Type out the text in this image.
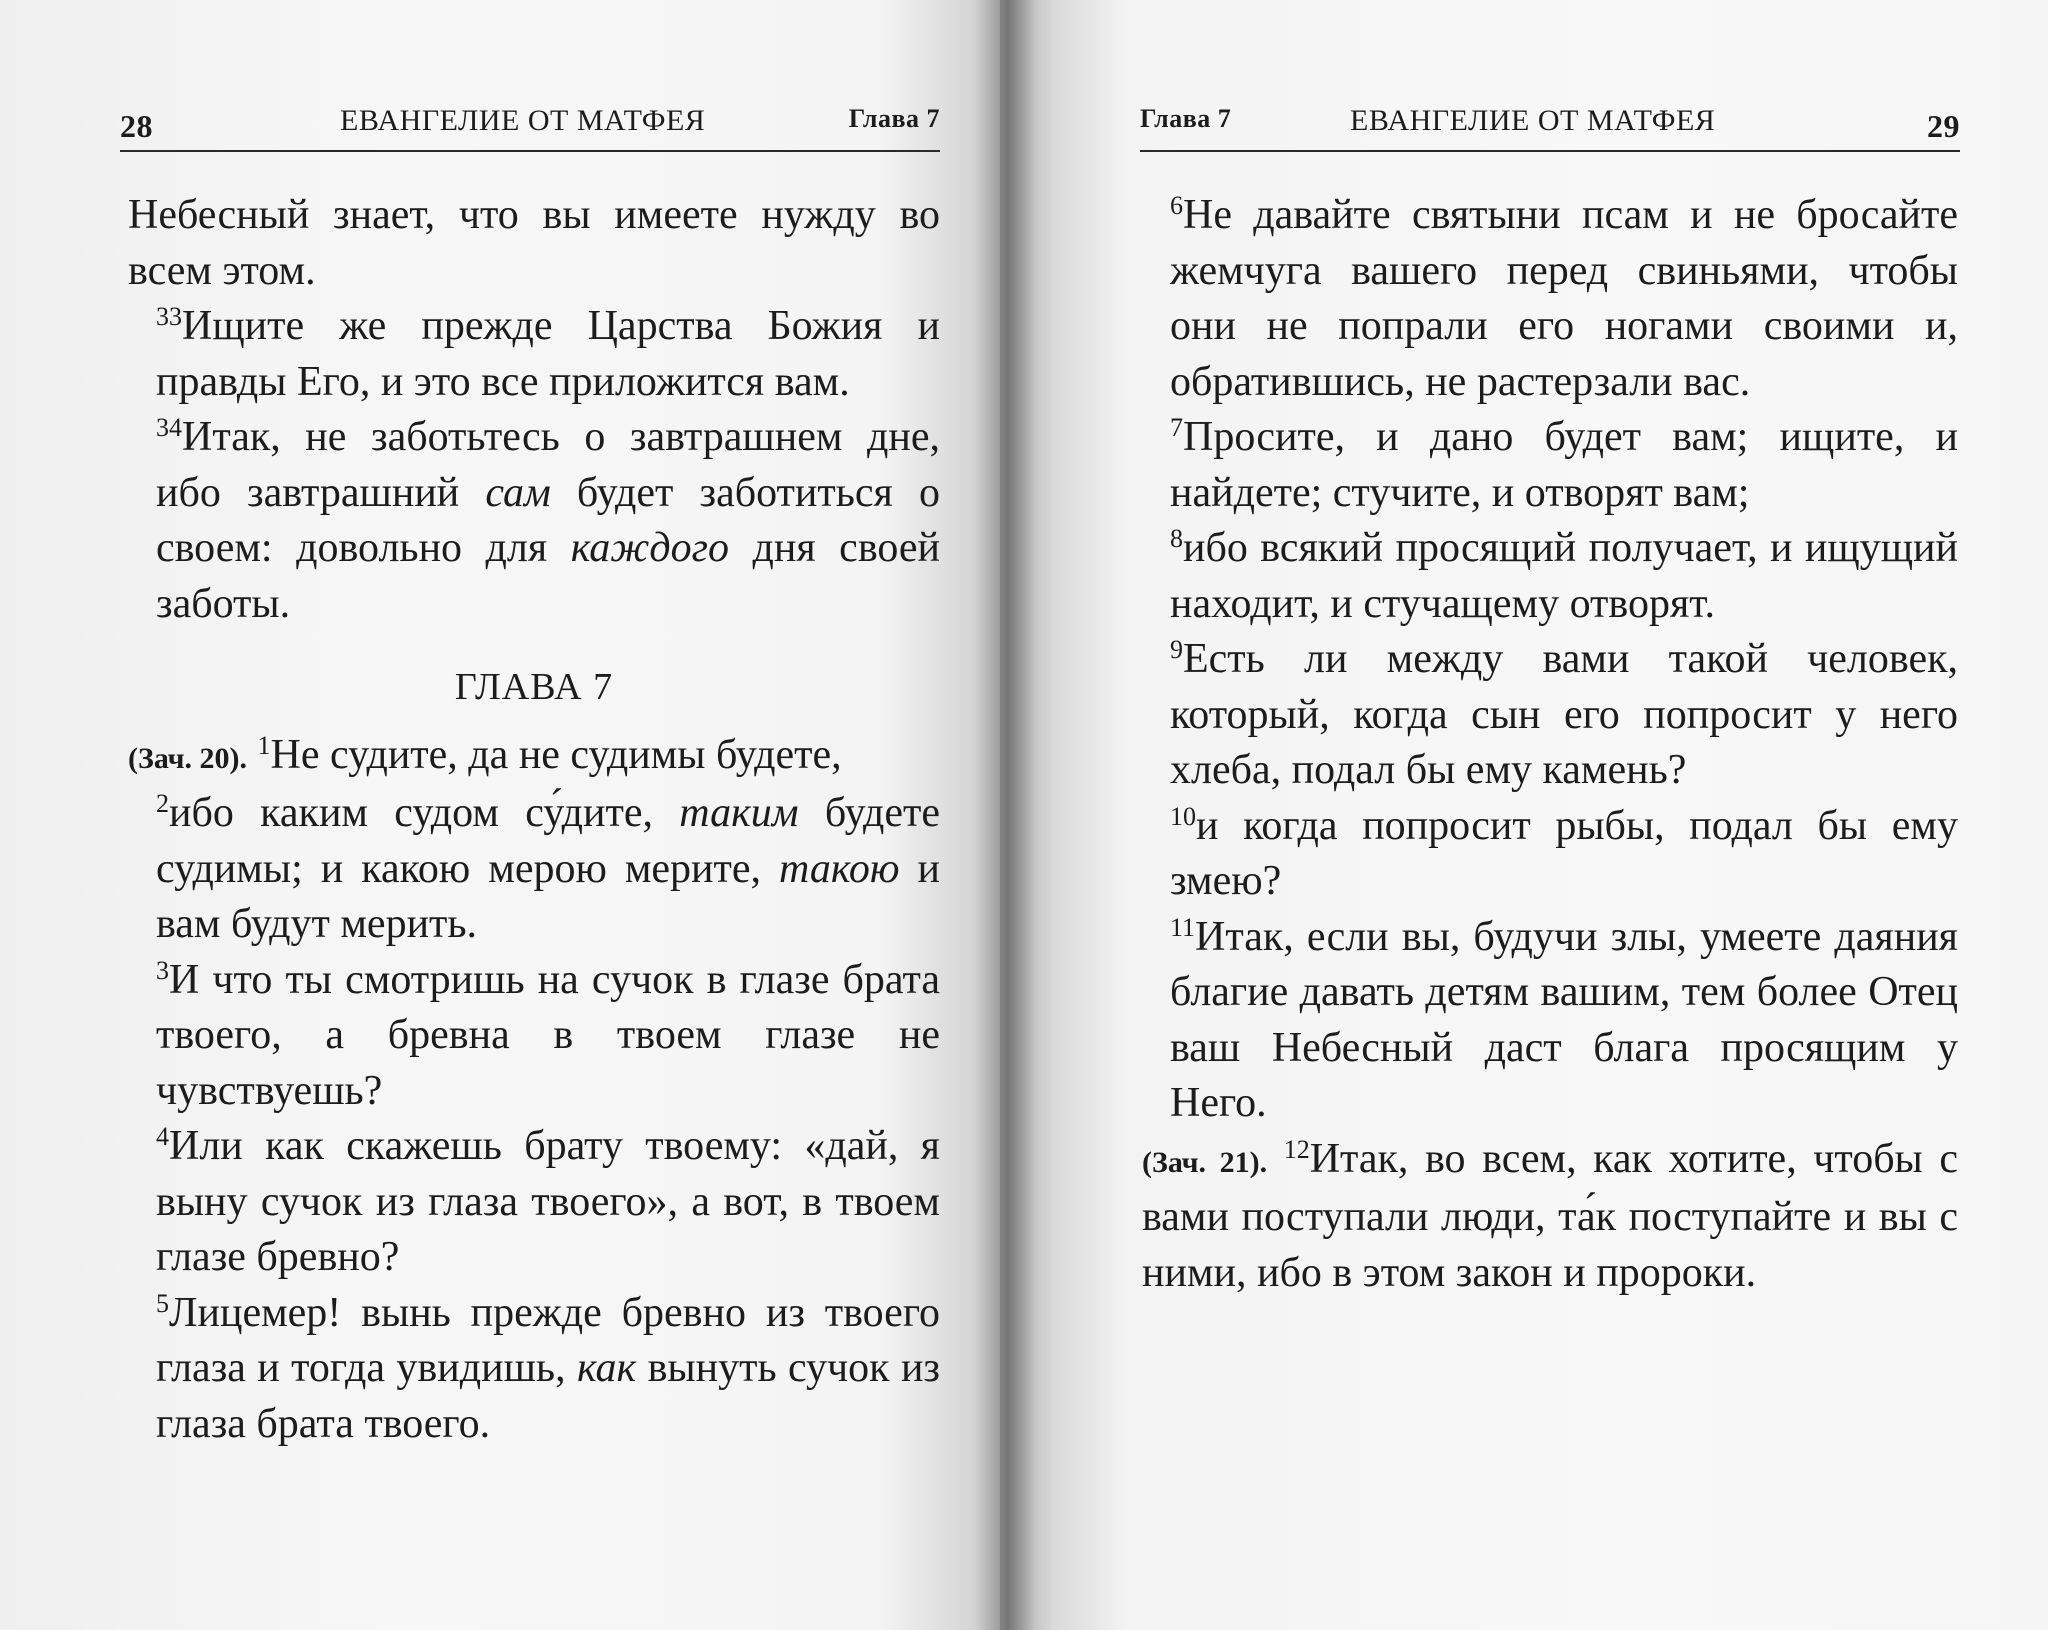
28	ЕВАНГЕЛИЕ ОТ МАТФЕЯ	Глава 7

Небесный знает, что вы имеете нужду во всем этом.

$^{33}$Ищите же прежде Царства Божия и правды Его, и это все приложится вам.

$^{34}$Итак, не заботьтесь о завтрашнем дне, ибо завтрашний сам будет заботиться о своем: довольно для каждого дня своей заботы.

ГЛАВА 7

(Зач. 20). $^1$Не судите, да не судимы будете,

$^2$ибо каким судом су́дите, таким будете судимы; и какою мерою мерите, такою и вам будут мерить.

$^3$И что ты смотришь на сучок в глазе брата твоего, а бревна в твоем глазе не чувствуешь?

$^4$Или как скажешь брату твоему: «дай, я выну сучок из глаза твоего», а вот, в твоем глазе бревно?

$^5$Лицемер! вынь прежде бревно из твоего глаза и тогда увидишь, как вынуть сучок из глаза брата твоего.

Глава 7	ЕВАНГЕЛИЕ ОТ МАТФЕЯ	29

$^6$Не давайте святыни псам и не бросайте жемчуга вашего перед свиньями, чтобы они не попрали его ногами своими и, обратившись, не растерзали вас.

$^7$Просите, и дано будет вам; ищите, и найдете; стучите, и отворят вам;

$^8$ибо всякий просящий получает, и ищущий находит, и стучащему отворят.

$^9$Есть ли между вами такой человек, который, когда сын его попросит у него хлеба, подал бы ему камень?

$^{10}$и когда попросит рыбы, подал бы ему змею?

$^{11}$Итак, если вы, будучи злы, умеете даяния благие давать детям вашим, тем более Отец ваш Небесный даст блага просящим у Него.

(Зач. 21). $^{12}$Итак, во всем, как хотите, чтобы с вами поступали люди, та́к поступайте и вы с ними, ибо в этом закон и пророки.
